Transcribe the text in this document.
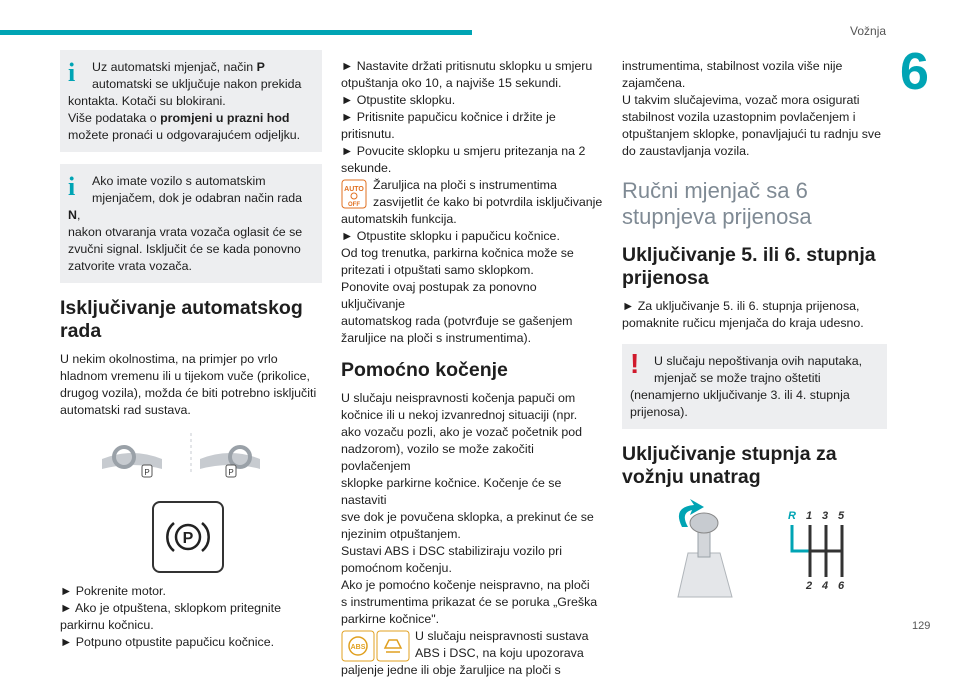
Vožnja
6
129
i	Uz automatski mjenjač, način P

automatski se uključuje nakon prekida

kontakta. Kotači su blokirani.

Više podataka o promjeni u prazni hod

možete pronaći u odgovarajućem odjeljku.

i	Ako imate vozilo s automatskim

mjenjačem, dok je odabran način rada N,

nakon otvaranja vrata vozača oglasit će se

zvučni signal. Isključit će se kada ponovno

zatvorite vrata vozača.

Isključivanje automatskog rada

U nekim okolnostima, na primjer po vrlo

hladnom vremenu ili u tijekom vuče (prikolice,

drugog vozila), možda će biti potrebno isključiti

automatski rad sustava.

P	P
P

► Pokrenite motor.

► Ako je otpuštena, sklopkom pritegnite

parkirnu kočnicu.

► Potpuno otpustite papučicu kočnice.

► Nastavite držati pritisnutu sklopku u smjeru

otpuštanja oko 10, a najviše 15 sekundi.

► Otpustite sklopku.

► Pritisnite papučicu kočnice i držite je

pritisnutu.

► Povucite sklopku u smjeru pritezanja na 2

sekunde.

AUTO
OFF

Žaruljica na ploči s instrumentima

zasvijetlit će kako bi potvrdila isključivanje

automatskih funkcija.

► Otpustite sklopku i papučicu kočnice.

Od tog trenutka, parkirna kočnica može se

pritezati i otpuštati samo sklopkom.

Ponovite ovaj postupak za ponovno uključivanje

automatskog rada (potvrđuje se gašenjem

žaruljice na ploči s instrumentima).

Pomoćno kočenje

U slučaju neispravnosti kočenja papuči om

kočnice ili u nekoj izvanrednoj situaciji (npr.

ako vozaču pozli, ako je vozač početnik pod

nadzorom), vozilo se može zakočiti povlačenjem

sklopke parkirne kočnice. Kočenje će se nastaviti

sve dok je povučena sklopka, a prekinut će se

njezinim otpuštanjem.

Sustavi ABS i DSC stabiliziraju vozilo pri

pomoćnom kočenju.

Ako je pomoćno kočenje neispravno, na ploči

s instrumentima prikazat će se poruka „Greška

parkirne kočnice".

ABS

U slučaju neispravnosti sustava

ABS i DSC, na koju upozorava

paljenje jedne ili obje žaruljice na ploči s

instrumentima, stabilnost vozila više nije

zajamčena.

U takvim slučajevima, vozač mora osigurati

stabilnost vozila uzastopnim povlačenjem i

otpuštanjem sklopke, ponavljajući tu radnju sve

do zaustavljanja vozila.

Ručni mjenjač sa 6 stupnjeva prijenosa
Uključivanje 5. ili 6. stupnja prijenosa

► Za uključivanje 5. ili 6. stupnja prijenosa,

pomaknite ručicu mjenjača do kraja udesno.

!	U slučaju nepoštivanja ovih naputaka,

mjenjač se može trajno oštetiti

(nenamjerno uključivanje 3. ili 4. stupnja

prijenosa).

Uključivanje stupnja za vožnju unatrag
R 1 3 5
2 4 6
